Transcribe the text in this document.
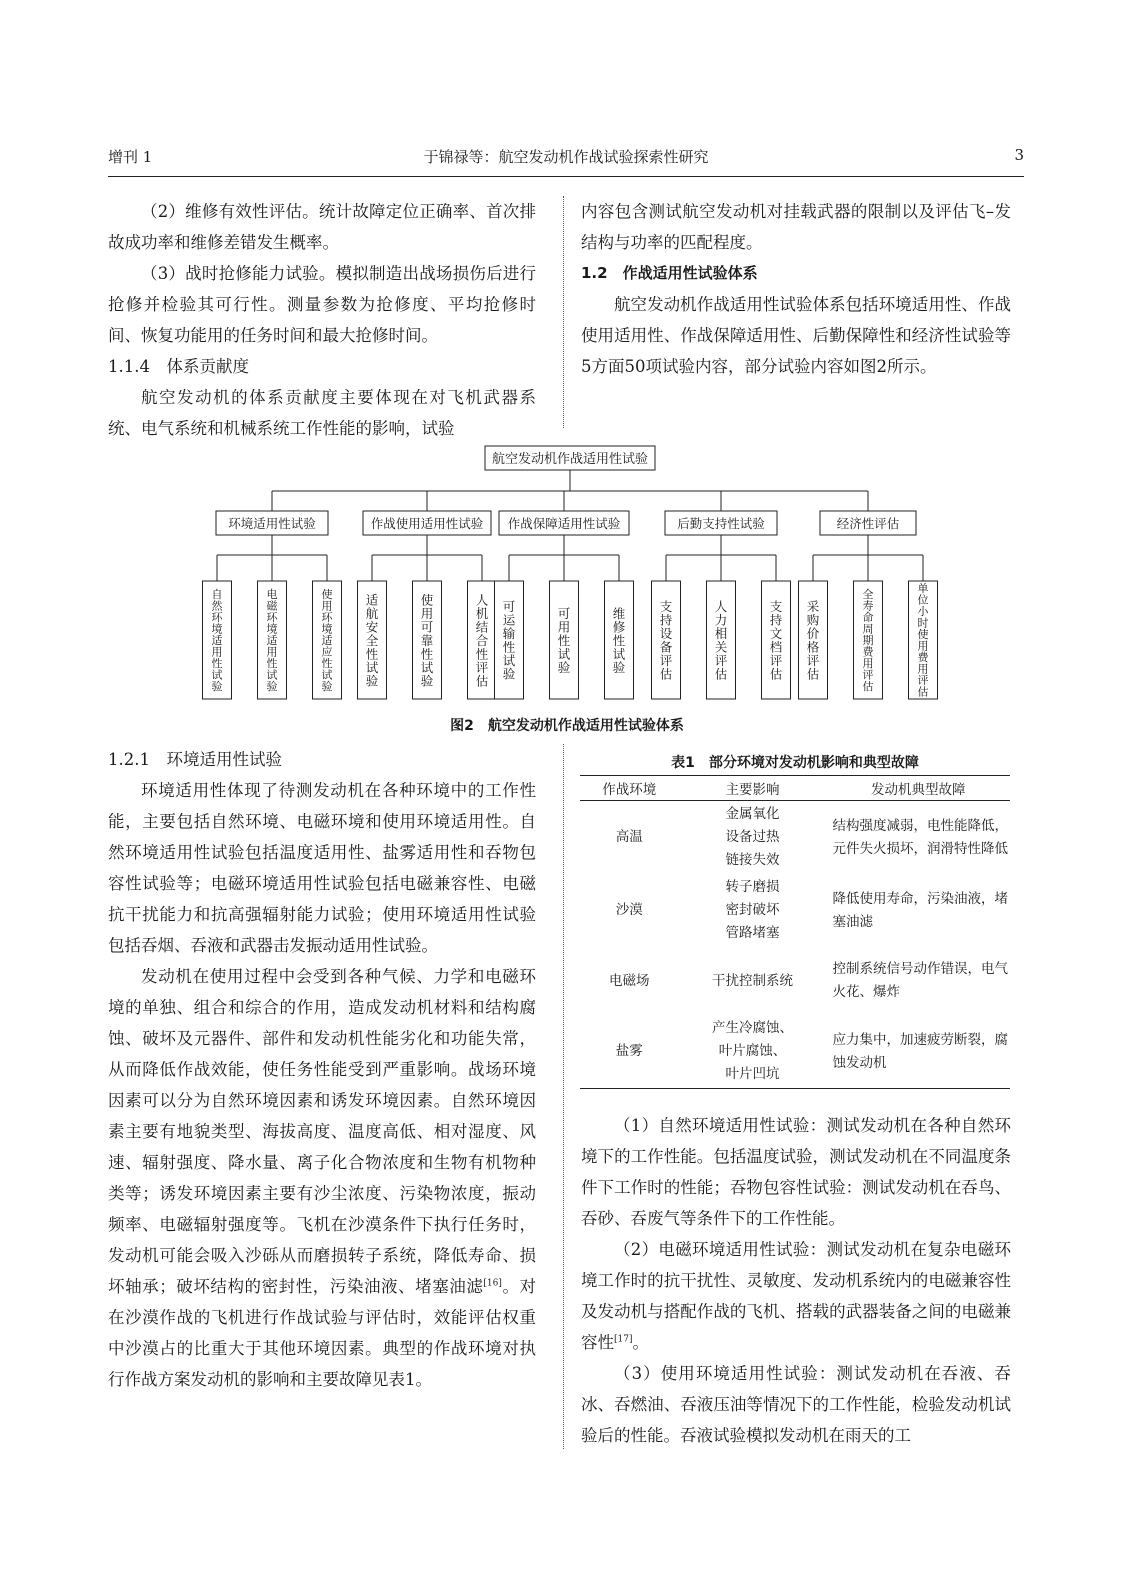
增刊 1	于锦禄等：航空发动机作战试验探索性研究	3

（2）维修有效性评估。统计故障定位正确率、首次排故成功率和维修差错发生概率。

（3）战时抢修能力试验。模拟制造出战场损伤后进行抢修并检验其可行性。测量参数为抢修度、平均抢修时间、恢复功能用的任务时间和最大抢修时间。

1.1.4　体系贡献度

航空发动机的体系贡献度主要体现在对飞机武器系统、电气系统和机械系统工作性能的影响，试验

内容包含测试航空发动机对挂载武器的限制以及评估飞–发结构与功率的匹配程度。

1.2　作战适用性试验体系

航空发动机作战适用性试验体系包括环境适用性、作战使用适用性、作战保障适用性、后勤保障性和经济性试验等5方面50项试验内容，部分试验内容如图2所示。

航空发动机作战适用性试验
环境适用性试验
自然环境适用性试验
电磁环境适用性试验
使用环境适应性试验
作战使用适用性试验
适航安全性试验
使用可靠性试验
人机结合性评估
作战保障适用性试验
可运输性试验
可用性试验
维修性试验
后勤支持性试验
支持设备评估
人力相关评估
支持文档评估
经济性评估
采购价格评估
全寿命周期费用评估
单位小时使用费用评估
图2　航空发动机作战适用性试验体系

1.2.1　环境适用性试验

环境适用性体现了待测发动机在各种环境中的工作性能，主要包括自然环境、电磁环境和使用环境适用性。自然环境适用性试验包括温度适用性、盐雾适用性和吞物包容性试验等；电磁环境适用性试验包括电磁兼容性、电磁抗干扰能力和抗高强辐射能力试验；使用环境适用性试验包括吞烟、吞液和武器击发振动适用性试验。

发动机在使用过程中会受到各种气候、力学和电磁环境的单独、组合和综合的作用，造成发动机材料和结构腐蚀、破坏及元器件、部件和发动机性能劣化和功能失常，从而降低作战效能，使任务性能受到严重影响。战场环境因素可以分为自然环境因素和诱发环境因素。自然环境因素主要有地貌类型、海拔高度、温度高低、相对湿度、风速、辐射强度、降水量、离子化合物浓度和生物有机物种类等；诱发环境因素主要有沙尘浓度、污染物浓度，振动频率、电磁辐射强度等。飞机在沙漠条件下执行任务时，发动机可能会吸入沙砾从而磨损转子系统，降低寿命、损坏轴承；破坏结构的密封性，污染油液、堵塞油滤[16]。对在沙漠作战的飞机进行作战试验与评估时，效能评估权重中沙漠占的比重大于其他环境因素。典型的作战环境对执行作战方案发动机的影响和主要故障见表1。

表1　部分环境对发动机影响和典型故障
作战环境	主要影响	发动机典型故障
高温	金属氧化
设备过热
链接失效	结构强度减弱，电性能降低，元件失火损坏，润滑特性降低
沙漠	转子磨损
密封破坏
管路堵塞	降低使用寿命，污染油液，堵塞油滤
电磁场	干扰控制系统	控制系统信号动作错误，电气火花、爆炸
盐雾	产生冷腐蚀、
叶片腐蚀、
叶片凹坑	应力集中，加速疲劳断裂，腐蚀发动机

（1）自然环境适用性试验：测试发动机在各种自然环境下的工作性能。包括温度试验，测试发动机在不同温度条件下工作时的性能；吞物包容性试验：测试发动机在吞鸟、吞砂、吞废气等条件下的工作性能。

（2）电磁环境适用性试验：测试发动机在复杂电磁环境工作时的抗干扰性、灵敏度、发动机系统内的电磁兼容性及发动机与搭配作战的飞机、搭载的武器装备之间的电磁兼容性[17]。

（3）使用环境适用性试验：测试发动机在吞液、吞冰、吞燃油、吞液压油等情况下的工作性能，检验发动机试验后的性能。吞液试验模拟发动机在雨天的工
